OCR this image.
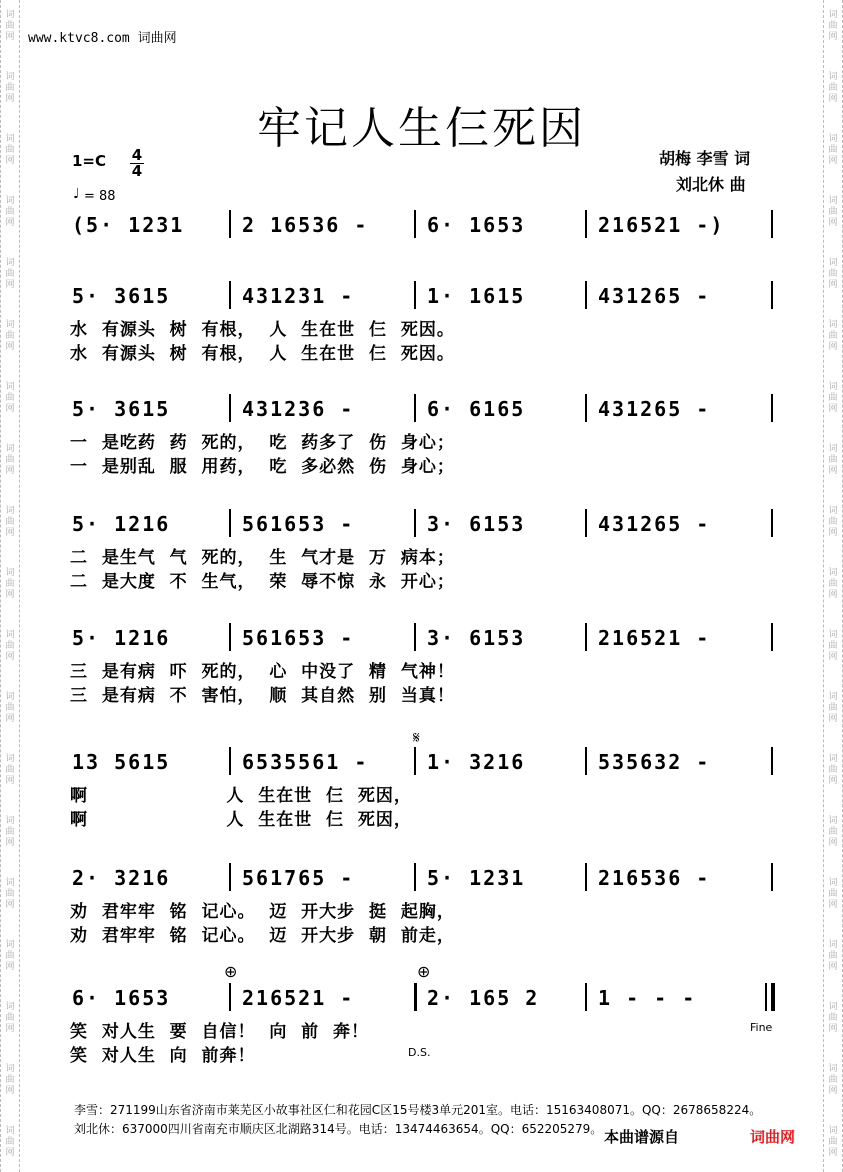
词
曲
网
词
曲
网
词
曲
网
词
曲
网
词
曲
网
词
曲
网
词
曲
网
词
曲
网
词
曲
网
词
曲
网
词
曲
网
词
曲
网
词
曲
网
词
曲
网
词
曲
网
词
曲
网
词
曲
网
词
曲
网
词
曲
网
词
曲
网
词
曲
网
词
曲
网
词
曲
网
词
曲
网
词
曲
网
词
曲
网
词
曲
网
词
曲
网
词
曲
网
词
曲
网
词
曲
网
词
曲
网
词
曲
网
词
曲
网
词
曲
网
词
曲
网
词
曲
网
词
曲
网
www.ktvc8.com 词曲网
牢记人生仨死因
1=C 4
4
♩ = 88
胡梅 李雪 词
刘北休 曲
(5· 1231	2 16536 -	6· 1653	216521 -)
5· 3615	431231 -	1· 1615	431265 -
水  有源头  树  有根，  人  生在世  仨  死因。
水  有源头  树  有根，  人  生在世  仨  死因。
5· 3615	431236 -	6· 6165	431265 -
一  是吃药  药  死的，  吃  药多了  伤  身心；
一  是别乱  服  用药，  吃  多必然  伤  身心；
5· 1216	561653 -	3· 6153	431265 -
二  是生气  气  死的，  生  气才是  万  病本；
二  是大度  不  生气，  荣  辱不惊  永  开心；
5· 1216	561653 -	3· 6153	216521 -
三  是有病  吓  死的，  心  中没了  精  气神！
三  是有病  不  害怕，  顺  其自然  别  当真！
13 5615	6535561 -	1· 3216	535632 -
啊                    人  生在世  仨  死因，
啊                    人  生在世  仨  死因，
2· 3216	561765 -	5· 1231	216536 -
劝  君牢牢  铭  记心。  迈  开大步  挺  起胸，
劝  君牢牢  铭  记心。  迈  开大步  朝  前走，
6· 1653	216521 -	2· 165 2	1 - - -
笑  对人生  要  自信！  向  前  奔！
笑  对人生  向  前奔！
𝄋
⊕	⊕
Fine
D.S.
李雪：271199山东省济南市莱芜区小故事社区仁和花园C区15号楼3单元201室。电话：15163408071。QQ：2678658224。
刘北休：637000四川省南充市顺庆区北湖路314号。电话：13474463654。QQ：652205279。 本曲谱源自	词曲网
